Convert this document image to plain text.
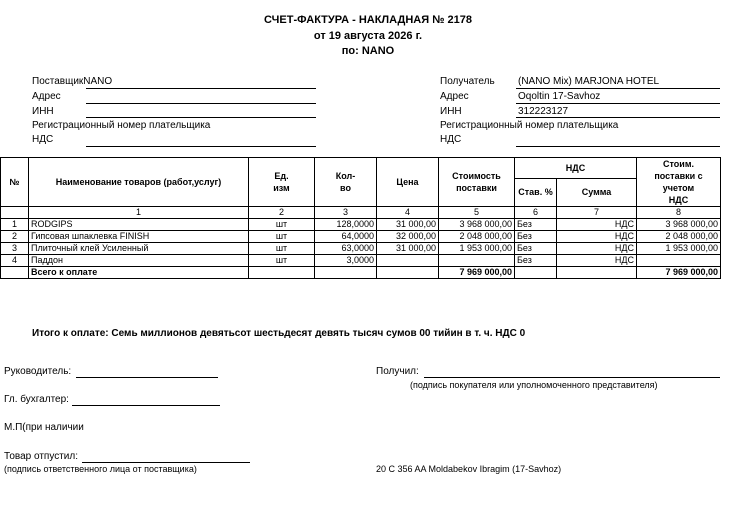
СЧЕТ-ФАКТУРА - НАКЛАДНАЯ № 2178
от 19 августа 2026 г.
по: NANO
ПоставщикNANO
Адрес
ИНН
Регистрационный номер плательщика
НДС
Получатель (NANO Mix) MARJONA HOTEL
Адрес	Oqoltin 17-Savhoz
ИНН	312223127
Регистрационный номер плательщика
НДС
№	Наименование товаров (работ,услуг)	Ед. изм	Кол-во	Цена	Стоимость поставки	НДС		Стоим. поставки с учетом НДС

						Став. %	Сумма	
	1	2	3	4	5	6	7	8
1	RODGIPS	шт	128,0000	31 000,00	3 968 000,00	Без	НДС	3 968 000,00
2	Гипсовая шпаклевка FINISH	шт	64,0000	32 000,00	2 048 000,00	Без	НДС	2 048 000,00
3	Плиточный клей Усиленный	шт	63,0000	31 000,00	1 953 000,00	Без	НДС	1 953 000,00
4	Паддон	шт	3,0000			Без	НДС	
	Всего к оплате				7 969 000,00			7 969 000,00
Итого к оплате: Семь миллионов девятьсот шестьдесят девять тысяч сумов 00 тийин в т. ч. НДС 0
Руководитель:	Получил:
(подпись покупателя или уполномоченного представителя)
Гл. бухгалтер:
М.П(при наличии
Товар отпустил:
(подпись ответственного лица от поставщика)	20 C 356 AA Moldabekov Ibragim (17-Savhoz)
